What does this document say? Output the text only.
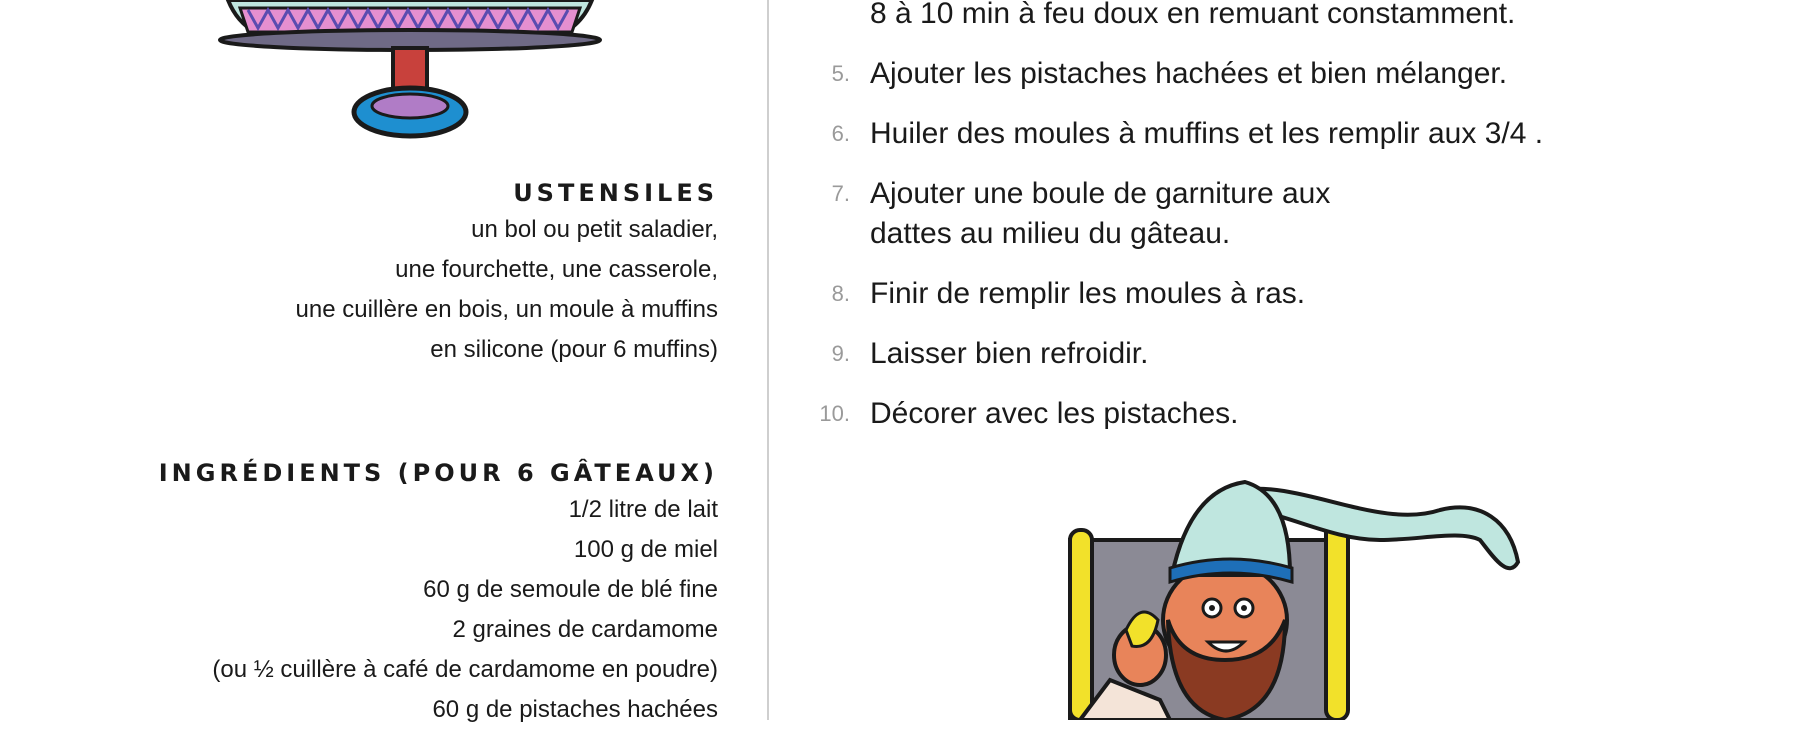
USTENSILES
un bol ou petit saladier,
une fourchette, une casserole,
une cuillère en bois, un moule à muffins
en silicone (pour 6 muffins)
INGRÉDIENTS (POUR 6 GÂTEAUX)
1/2 litre de lait
100 g de miel
60 g de semoule de blé fine
2 graines de cardamome
(ou ½ cuillère à café de cardamome en poudre)
60 g de pistaches hachées
8 à 10 min à feu doux en remuant constamment.
5. Ajouter les pistaches hachées et bien mélanger.
6. Huiler des moules à muffins et les remplir aux 3/4 .
7. Ajouter une boule de garniture aux
dattes au milieu du gâteau.
8. Finir de remplir les moules à ras.
9. Laisser bien refroidir.
10. Décorer avec les pistaches.
